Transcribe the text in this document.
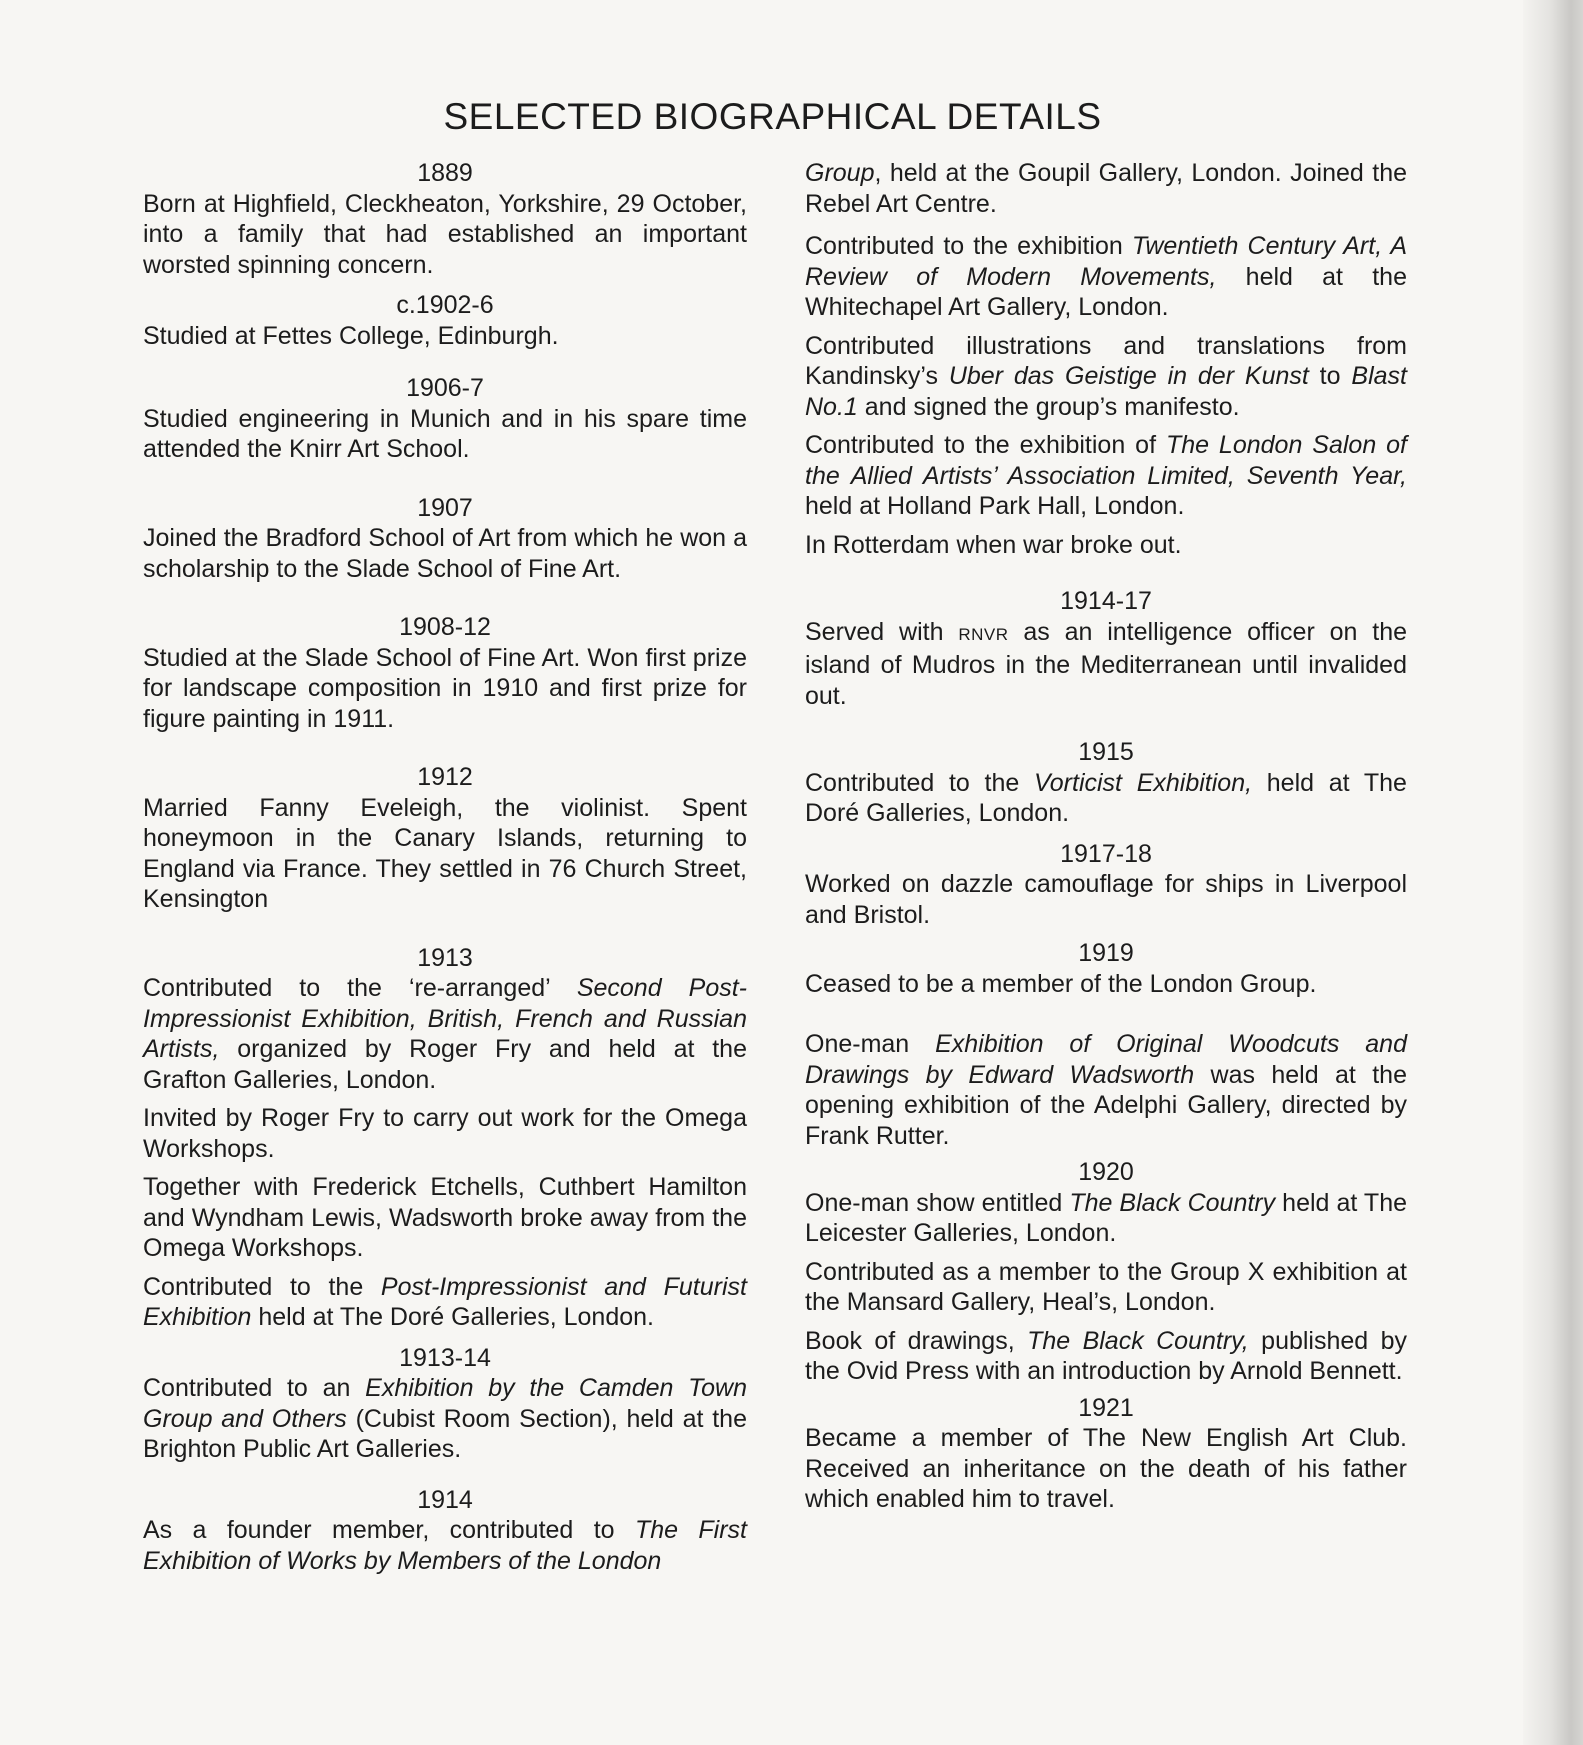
SELECTED BIOGRAPHICAL DETAILS

1889

Born at Highfield, Cleckheaton, Yorkshire, 29 October, into a family that had established an important worsted spinning concern.

c.1902-6

Studied at Fettes College, Edinburgh.

1906-7

Studied engineering in Munich and in his spare time attended the Knirr Art School.

1907

Joined the Bradford School of Art from which he won a scholarship to the Slade School of Fine Art.

1908-12

Studied at the Slade School of Fine Art. Won first prize for landscape composition in 1910 and first prize for figure painting in 1911.

1912

Married Fanny Eveleigh, the violinist. Spent honeymoon in the Canary Islands, returning to England via France. They settled in 76 Church Street, Kensington

1913

Contributed to the ‘re-arranged’ Second Post-Impressionist Exhibition, British, French and Russian Artists, organized by Roger Fry and held at the Grafton Galleries, London.

Invited by Roger Fry to carry out work for the Omega Workshops.

Together with Frederick Etchells, Cuthbert Hamilton and Wyndham Lewis, Wadsworth broke away from the Omega Workshops.

Contributed to the Post-Impressionist and Futurist Exhibition held at The Doré Galleries, London.

1913-14

Contributed to an Exhibition by the Camden Town Group and Others (Cubist Room Section), held at the Brighton Public Art Galleries.

1914

As a founder member, contributed to The First Exhibition of Works by Members of the London

Group, held at the Goupil Gallery, London. Joined the Rebel Art Centre.

Contributed to the exhibition Twentieth Century Art, A Review of Modern Movements, held at the Whitechapel Art Gallery, London.

Contributed illustrations and translations from Kandinsky’s Uber das Geistige in der Kunst to Blast No.1 and signed the group’s manifesto.

Contributed to the exhibition of The London Salon of the Allied Artists’ Association Limited, Seventh Year, held at Holland Park Hall, London.

In Rotterdam when war broke out.

1914-17

Served with RNVR as an intelligence officer on the island of Mudros in the Mediterranean until invalided out.

1915

Contributed to the Vorticist Exhibition, held at The Doré Galleries, London.

1917-18

Worked on dazzle camouflage for ships in Liverpool and Bristol.

1919

Ceased to be a member of the London Group.

One-man Exhibition of Original Woodcuts and Drawings by Edward Wadsworth was held at the opening exhibition of the Adelphi Gallery, directed by Frank Rutter.

1920

One-man show entitled The Black Country held at The Leicester Galleries, London.

Contributed as a member to the Group X exhibition at the Mansard Gallery, Heal’s, London.

Book of drawings, The Black Country, published by the Ovid Press with an introduction by Arnold Bennett.

1921

Became a member of The New English Art Club. Received an inheritance on the death of his father which enabled him to travel.
